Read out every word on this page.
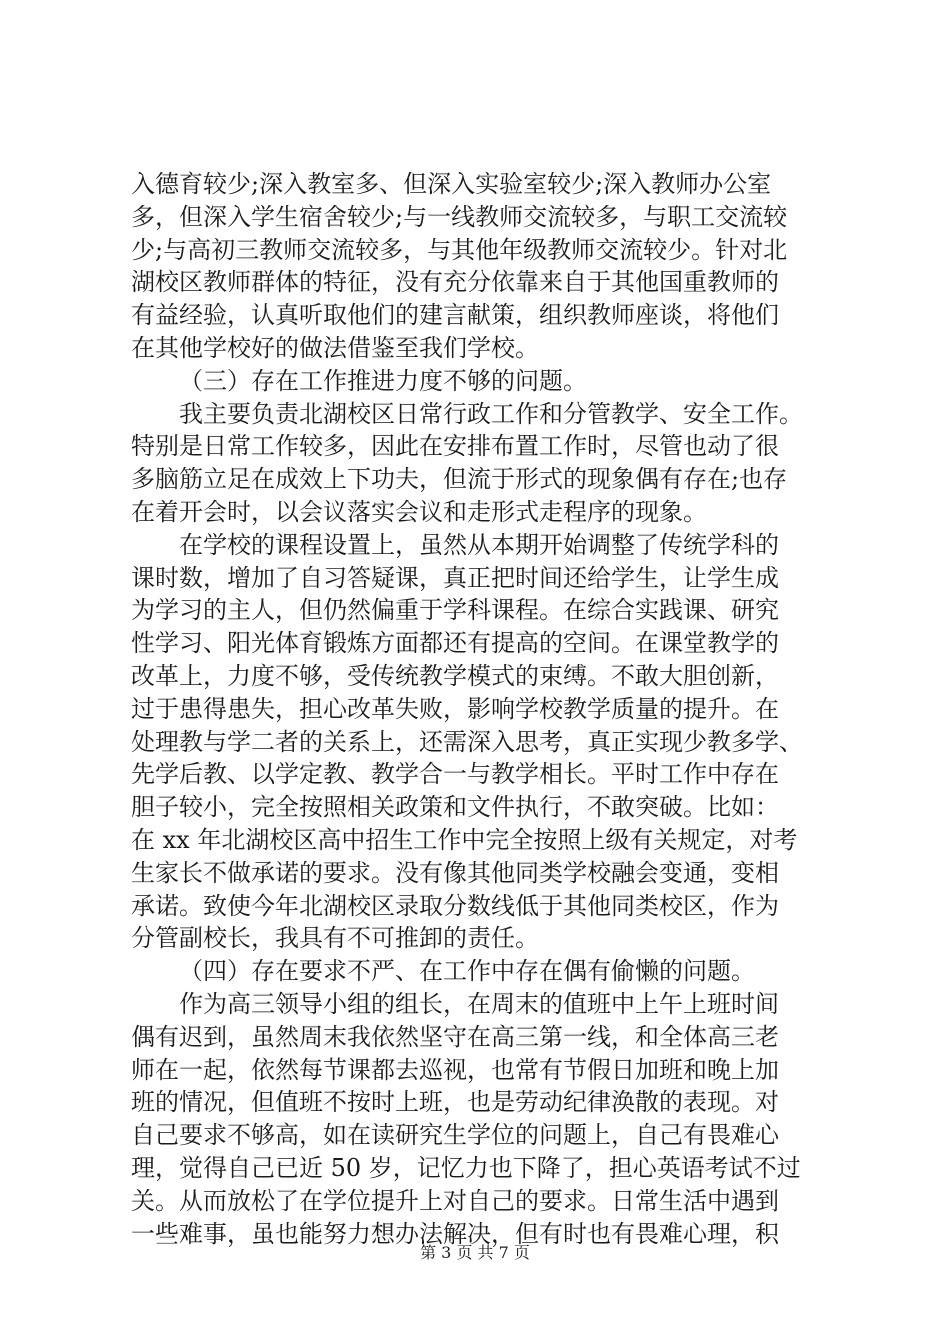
入德育较少;深入教室多、但深入实验室较少;深入教师办公室
多，但深入学生宿舍较少;与一线教师交流较多，与职工交流较
少;与高初三教师交流较多，与其他年级教师交流较少。针对北
湖校区教师群体的特征，没有充分依靠来自于其他国重教师的
有益经验，认真听取他们的建言献策，组织教师座谈，将他们
在其他学校好的做法借鉴至我们学校。
（三）存在工作推进力度不够的问题。
我主要负责北湖校区日常行政工作和分管教学、安全工作。
特别是日常工作较多，因此在安排布置工作时，尽管也动了很
多脑筋立足在成效上下功夫，但流于形式的现象偶有存在;也存
在着开会时，以会议落实会议和走形式走程序的现象。
在学校的课程设置上，虽然从本期开始调整了传统学科的
课时数，增加了自习答疑课，真正把时间还给学生，让学生成
为学习的主人，但仍然偏重于学科课程。在综合实践课、研究
性学习、阳光体育锻炼方面都还有提高的空间。在课堂教学的
改革上，力度不够，受传统教学模式的束缚。不敢大胆创新，
过于患得患失，担心改革失败，影响学校教学质量的提升。在
处理教与学二者的关系上，还需深入思考，真正实现少教多学、
先学后教、以学定教、教学合一与教学相长。平时工作中存在
胆子较小，完全按照相关政策和文件执行，不敢突破。比如：
在 xx 年北湖校区高中招生工作中完全按照上级有关规定，对考
生家长不做承诺的要求。没有像其他同类学校融会变通，变相
承诺。致使今年北湖校区录取分数线低于其他同类校区，作为
分管副校长，我具有不可推卸的责任。
（四）存在要求不严、在工作中存在偶有偷懒的问题。
作为高三领导小组的组长，在周末的值班中上午上班时间
偶有迟到，虽然周末我依然坚守在高三第一线，和全体高三老
师在一起，依然每节课都去巡视，也常有节假日加班和晚上加
班的情况，但值班不按时上班，也是劳动纪律涣散的表现。对
自己要求不够高，如在读研究生学位的问题上，自己有畏难心
理，觉得自己已近 50 岁，记忆力也下降了，担心英语考试不过
关。从而放松了在学位提升上对自己的要求。日常生活中遇到
一些难事，虽也能努力想办法解决，但有时也有畏难心理，积
第 3 页 共 7 页
